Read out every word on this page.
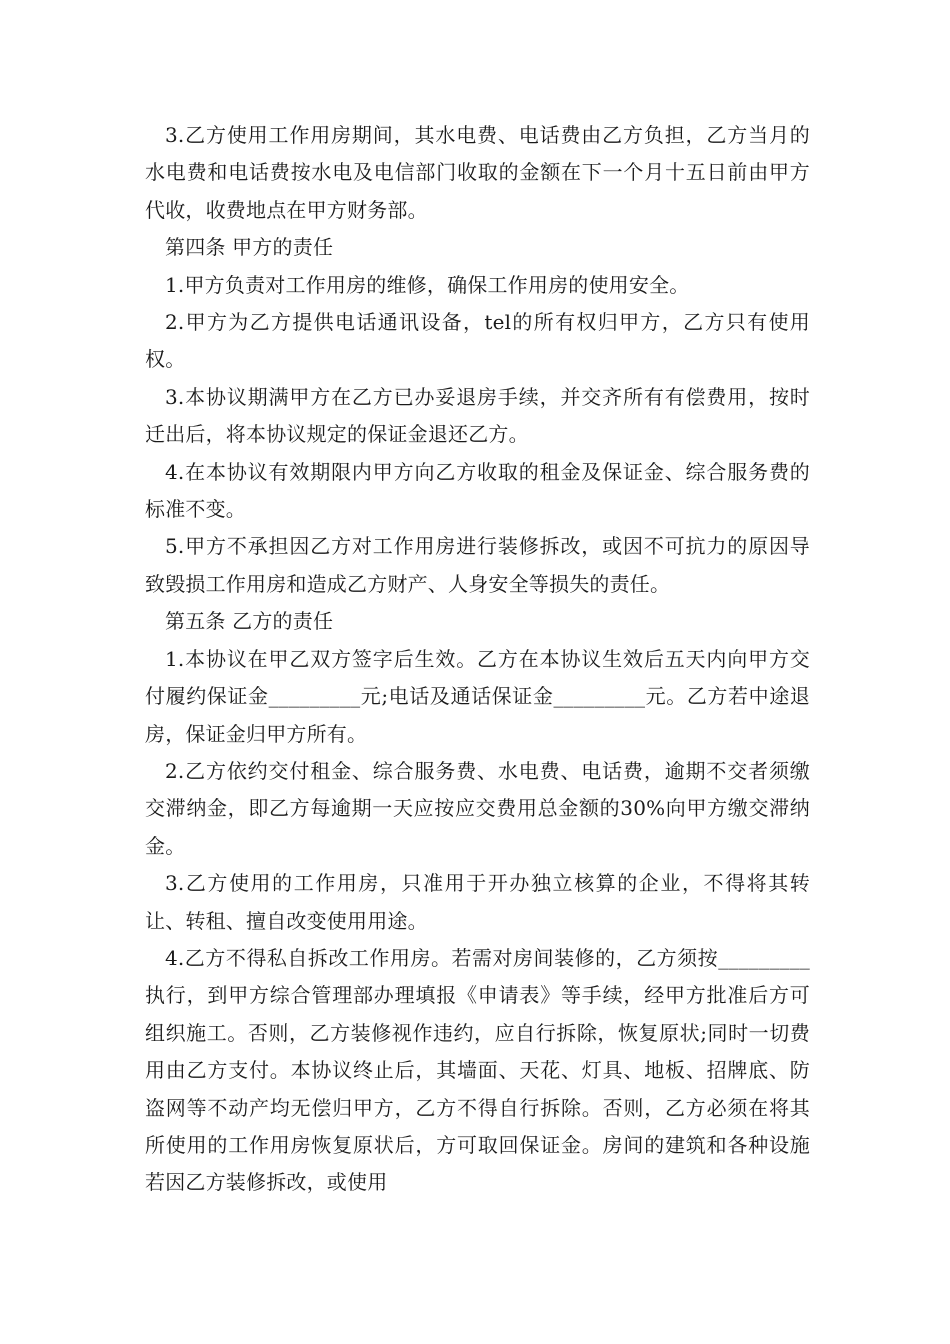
3.乙方使用工作用房期间，其水电费、电话费由乙方负担，乙方当月的水电费和电话费按水电及电信部门收取的金额在下一个月十五日前由甲方代收，收费地点在甲方财务部。

第四条 甲方的责任

1.甲方负责对工作用房的维修，确保工作用房的使用安全。

2.甲方为乙方提供电话通讯设备，tel的所有权归甲方，乙方只有使用权。

3.本协议期满甲方在乙方已办妥退房手续，并交齐所有有偿费用，按时迁出后，将本协议规定的保证金退还乙方。

4.在本协议有效期限内甲方向乙方收取的租金及保证金、综合服务费的标准不变。

5.甲方不承担因乙方对工作用房进行装修拆改，或因不可抗力的原因导致毁损工作用房和造成乙方财产、人身安全等损失的责任。

第五条 乙方的责任

1.本协议在甲乙双方签字后生效。乙方在本协议生效后五天内向甲方交付履约保证金_________元;电话及通话保证金_________元。乙方若中途退房，保证金归甲方所有。

2.乙方依约交付租金、综合服务费、水电费、电话费，逾期不交者须缴交滞纳金，即乙方每逾期一天应按应交费用总金额的30%向甲方缴交滞纳金。

3.乙方使用的工作用房，只准用于开办独立核算的企业，不得将其转让、转租、擅自改变使用用途。

4.乙方不得私自拆改工作用房。若需对房间装修的，乙方须按_________执行，到甲方综合管理部办理填报《申请表》等手续，经甲方批准后方可组织施工。否则，乙方装修视作违约，应自行拆除，恢复原状;同时一切费用由乙方支付。本协议终止后，其墙面、天花、灯具、地板、招牌底、防盗网等不动产均无偿归甲方，乙方不得自行拆除。否则，乙方必须在将其所使用的工作用房恢复原状后，方可取回保证金。房间的建筑和各种设施若因乙方装修拆改，或使用
